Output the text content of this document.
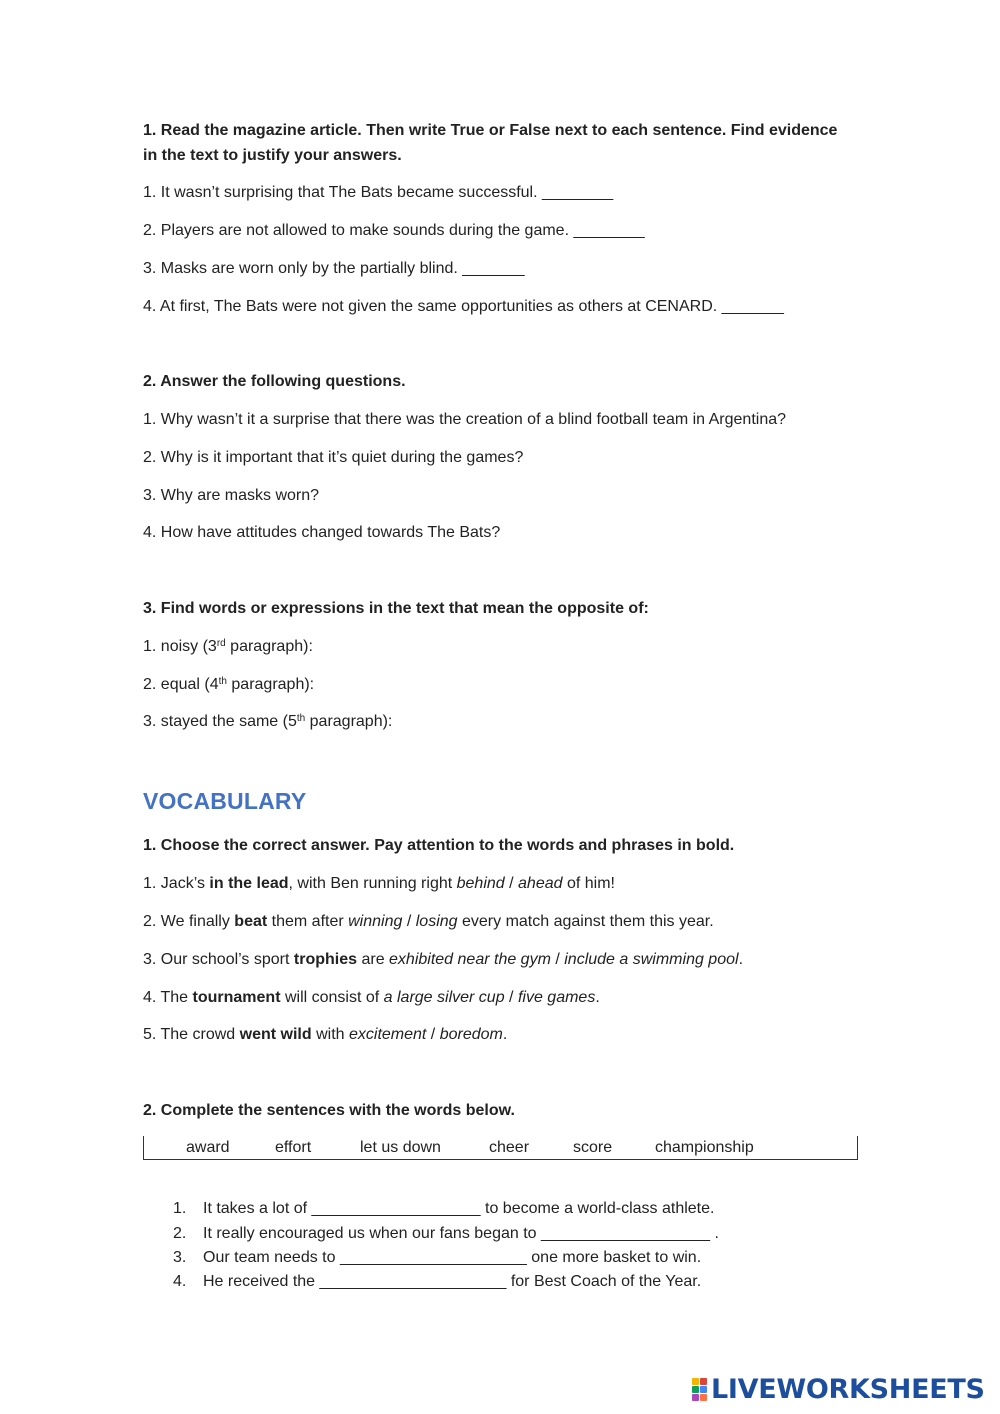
1. Read the magazine article. Then write True or False next to each sentence. Find evidence in the text to justify your answers.
1. It wasn’t surprising that The Bats became successful. ________
2. Players are not allowed to make sounds during the game. ________
3. Masks are worn only by the partially blind. _______
4. At first, The Bats were not given the same opportunities as others at CENARD. _______
2. Answer the following questions.
1. Why wasn’t it a surprise that there was the creation of a blind football team in Argentina?
2. Why is it important that it’s quiet during the games?
3. Why are masks worn?
4. How have attitudes changed towards The Bats?
3. Find words or expressions in the text that mean the opposite of:
1. noisy (3rd paragraph):
2. equal (4th paragraph):
3. stayed the same (5th paragraph):
VOCABULARY
1. Choose the correct answer. Pay attention to the words and phrases in bold.
1. Jack’s in the lead, with Ben running right behind / ahead of him!
2. We finally beat them after winning / losing every match against them this year.
3. Our school’s sport trophies are exhibited near the gym / include a swimming pool.
4. The tournament will consist of a large silver cup / five games.
5. The crowd went wild with excitement / boredom.
2. Complete the sentences with the words below.
award	effort	let us down	cheer	score	championship
1. It takes a lot of ___________________ to become a world-class athlete.
2. It really encouraged us when our fans began to ___________________ .
3. Our team needs to _____________________ one more basket to win.
4. He received the _____________________ for Best Coach of the Year.
LIVEWORKSHEETS
